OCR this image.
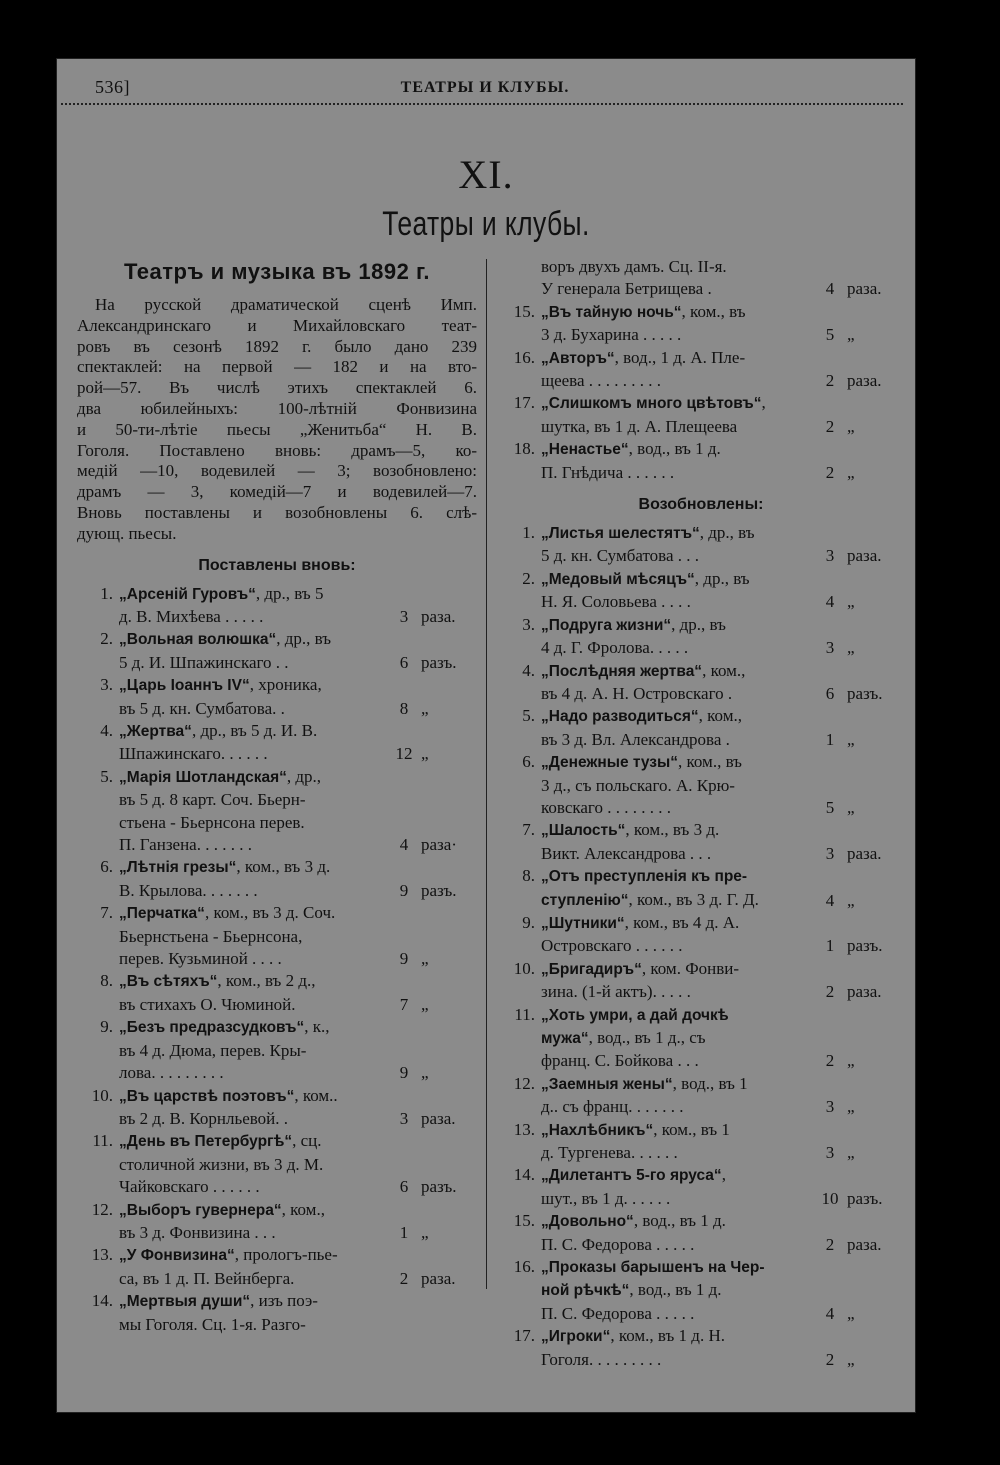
536]	ТЕАТРЫ И КЛУБЫ.
XI.
Театры и клубы.
Театръ и музыка въ 1892 г.
На русской драматической сценѣ Имп.
Александринскаго и Михайловскаго теат-
ровъ въ сезонѣ 1892 г. было дано 239
спектаклей: на первой — 182 и на вто-
рой—57. Въ числѣ этихъ спектаклей 6.
два юбилейныхъ: 100-лѣтній Фонвизина
и 50-ти-лѣтіе пьесы „Женитьба“ Н. В.
Гоголя. Поставлено вновь: драмъ—5, ко-
медій —10, водевилей — 3; возобновлено:
драмъ — 3, комедій—7 и водевилей—7.
Вновь поставлены и возобновлены 6. слѣ-
дующ. пьесы.
Поставлены вновь:
1. „Арсеній Гуровъ“, др., въ 5
д. В. Михѣева . . . . .	3 раза.
2. „Вольная волюшка“, др., въ
5 д. И. Шпажинскаго . .	6 разъ.
3. „Царь Іоаннъ IV“, хроника,
въ 5 д. кн. Сумбатова. .	8 „
4. „Жертва“, др., въ 5 д. И. В.
Шпажинскаго. . . . . .	12 „
5. „Марія Шотландская“, др.,
въ 5 д. 8 карт. Соч. Бьерн-
стьена - Бьернсона перев.
П. Ганзена. . . . . . .	4 раза·
6. „Лѣтнія грезы“, ком., въ 3 д.
В. Крылова. . . . . . .	9 разъ.
7. „Перчатка“, ком., въ 3 д. Соч.
Бьернстьена - Бьернсона,
перев. Кузьминой . . . .	9 „
8. „Въ сѣтяхъ“, ком., въ 2 д.,
въ стихахъ О. Чюминой.	7 „
9. „Безъ предразсудковъ“, к.,
въ 4 д. Дюма, перев. Кры-
лова. . . . . . . . .	9 „
10. „Въ царствѣ поэтовъ“, ком..
въ 2 д. В. Корнльевой. .	3 раза.
11. „День въ Петербургѣ“, сц.
столичной жизни, въ 3 д. М.
Чайковскаго . . . . . .	6 разъ.
12. „Выборъ гувернера“, ком.,
въ 3 д. Фонвизина . . .	1 „
13. „У Фонвизина“, прологъ-пье-
са, въ 1 д. П. Вейнберга.	2 раза.
14. „Мертвыя души“, изъ поэ-
мы Гоголя. Сц. 1-я. Разго-
воръ двухъ дамъ. Сц. II-я.
У генерала Бетрищева .	4 раза.
15. „Въ тайную ночь“, ком., въ
3 д. Бухарина . . . . .	5 „
16. „Авторъ“, вод., 1 д. А. Пле-
щеева . . . . . . . . .	2 раза.
17. „Слишкомъ много цвѣтовъ“,
шутка, въ 1 д. А. Плещеева	2 „
18. „Ненастье“, вод., въ 1 д.
П. Гнѣдича . . . . . .	2 „
Возобновлены:
1. „Листья шелестятъ“, др., въ
5 д. кн. Сумбатова . . .	3 раза.
2. „Медовый мѣсяцъ“, др., въ
Н. Я. Соловьева . . . .	4 „
3. „Подруга жизни“, др., въ
4 д. Г. Фролова. . . . .	3 „
4. „Послѣдняя жертва“, ком.,
въ 4 д. А. Н. Островскаго .	6 разъ.
5. „Надо разводиться“, ком.,
въ 3 д. Вл. Александрова .	1 „
6. „Денежные тузы“, ком., въ
3 д., съ польскаго. А. Крю-
ковскаго . . . . . . . .	5 „
7. „Шалость“, ком., въ 3 д.
Викт. Александрова . . .	3 раза.
8. „Отъ преступленія къ пре-
ступленію“, ком., въ 3 д. Г. Д.	4 „
9. „Шутники“, ком., въ 4 д. А.
Островскаго . . . . . .	1 разъ.
10. „Бригадиръ“, ком. Фонви-
зина. (1-й актъ). . . . .	2 раза.
11. „Хоть умри, а дай дочкѣ
мужа“, вод., въ 1 д., съ
франц. С. Бойкова . . .	2 „
12. „Заемныя жены“, вод., въ 1
д.. съ франц. . . . . . .	3 „
13. „Нахлѣбникъ“, ком., въ 1
д. Тургенева. . . . . .	3 „
14. „Дилетантъ 5-го яруса“,
шут., въ 1 д. . . . . .	10 разъ.
15. „Довольно“, вод., въ 1 д.
П. С. Федорова . . . . .	2 раза.
16. „Проказы барышенъ на Чер-
ной рѣчкѣ“, вод., въ 1 д.
П. С. Федорова . . . . .	4 „
17. „Игроки“, ком., въ 1 д. Н.
Гоголя. . . . . . . . .	2 „
